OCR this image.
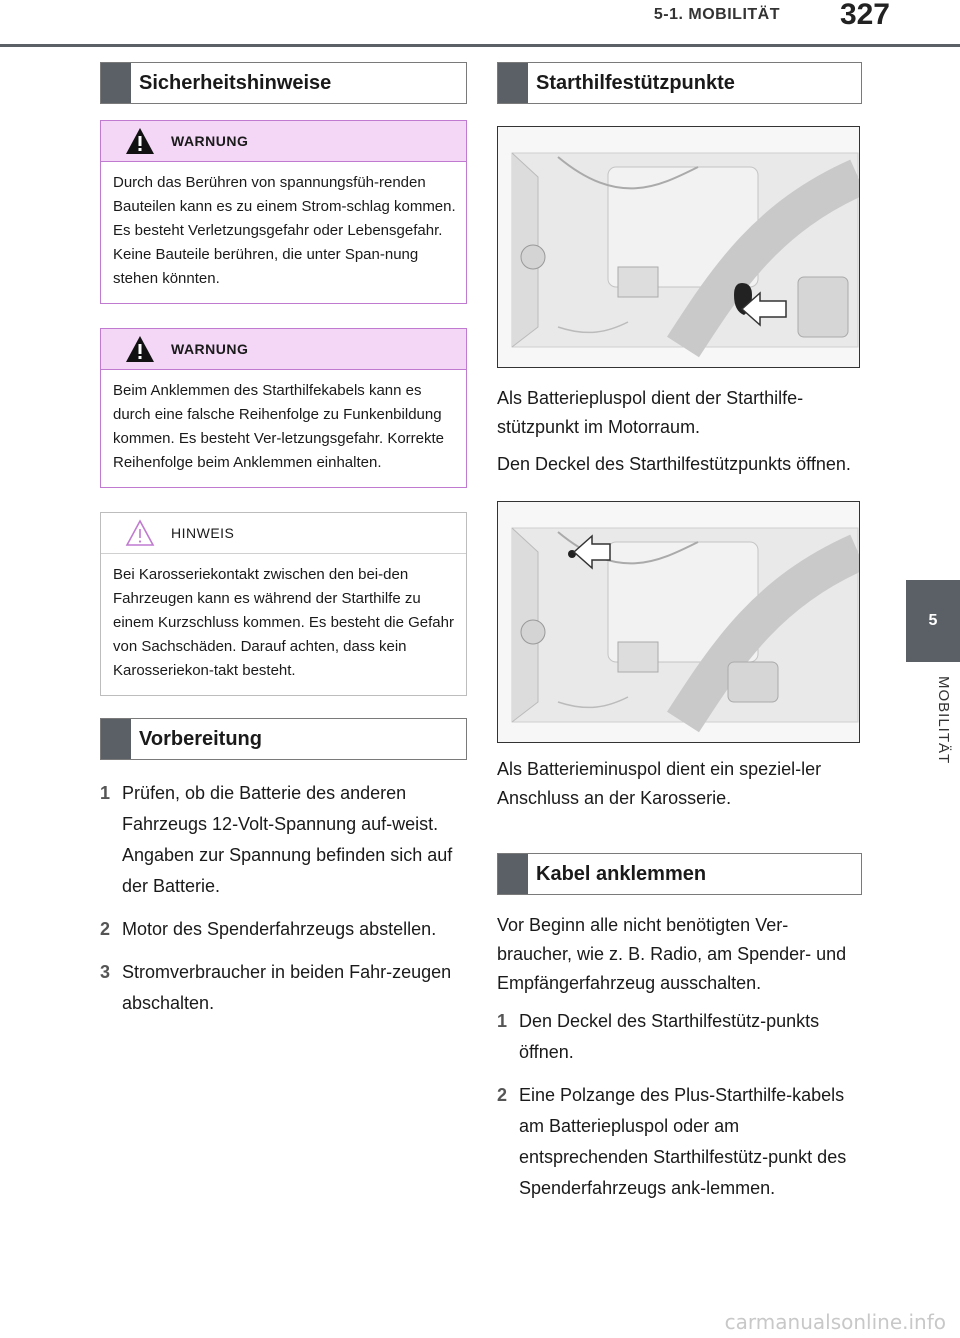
5-1. MOBILITÄT 327
5
MOBILITÄT
Sicherheitshinweise
WARNUNG
Durch das Berühren von spannungsfüh-renden Bauteilen kann es zu einem Strom-schlag kommen. Es besteht Verletzungsgefahr oder Lebensgefahr. Keine Bauteile berühren, die unter Span-nung stehen könnten.
WARNUNG
Beim Anklemmen des Starthilfekabels kann es durch eine falsche Reihenfolge zu Funkenbildung kommen. Es besteht Ver-letzungsgefahr. Korrekte Reihenfolge beim Anklemmen einhalten.
HINWEIS
Bei Karosseriekontakt zwischen den bei-den Fahrzeugen kann es während der Starthilfe zu einem Kurzschluss kommen. Es besteht die Gefahr von Sachschäden. Darauf achten, dass kein Karosseriekon-takt besteht.
Vorbereitung
1 Prüfen, ob die Batterie des anderen Fahrzeugs 12-Volt-Spannung auf-weist. Angaben zur Spannung befinden sich auf der Batterie.
2 Motor des Spenderfahrzeugs abstellen.
3 Stromverbraucher in beiden Fahr-zeugen abschalten.
Starthilfestützpunkte
Als Batteriepluspol dient der Starthilfe-stützpunkt im Motorraum.
Den Deckel des Starthilfestützpunkts öffnen.
Als Batterieminuspol dient ein speziel-ler Anschluss an der Karosserie.
Kabel anklemmen
Vor Beginn alle nicht benötigten Ver-braucher, wie z. B. Radio, am Spender- und Empfängerfahrzeug ausschalten.
1 Den Deckel des Starthilfestütz-punkts öffnen.
2 Eine Polzange des Plus-Starthilfe-kabels am Batteriepluspol oder am entsprechenden Starthilfestütz-punkt des Spenderfahrzeugs ank-lemmen.
carmanualsonline.info
